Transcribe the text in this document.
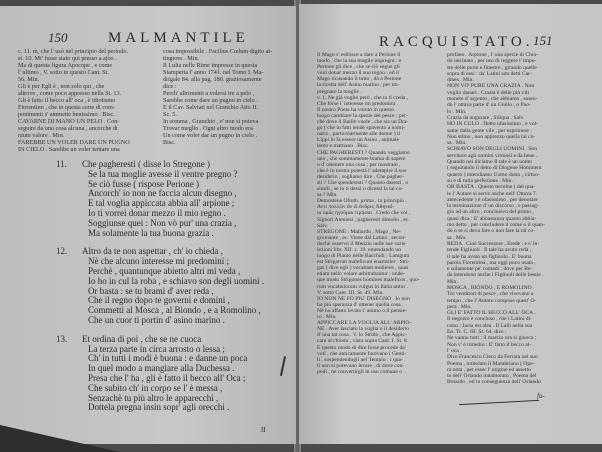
150	MALMANTILE
c. 11. m, che l' usò nel principio del periodo.
st. 10. Mi' fusse stato qui presso a ajòo .
Ma di questa figura Apocope , e come
l' ultimo , V. sotto in questo Cant. St.
56. Min.
Gli è per Egli è , non solo qui , che
altrove , come poco appresso nella St. 13.
Gli è fatto il becco all' oca , è idiotismo
Fiorentino , che in questa sorte di com-
ponimenti s' ammette benissimo . Bisc.
CAVARNE DI MANO UN PELO . Con-
seguire da uno cosa alcuna , ancorchè di
nium valore . Min.
FAREBBE UN VOLER DARE UN PUGNO
IN CIELO . Sarebbe un voler tentare una
cosa impossibile . Facilius Cœlum digito at-
tingeres . Min.
Il Lulia nelle Rime impresse in questa
Stamperia l' anno 1741. nel Tomo I. Ma-
drigale 84. alla pag. 180. graziosamente
dice :
Perch' altrimenti a volersi ire a pelo ,
Sarebbe come dare un pugno in cielo .
E il Cav. Salviati nel Granchio Atto II.
Sc. 5.
In somma , Granchio , e' non si poteva
Trovar meglio . Ogni altro modo era
Un come voler dar un pugno in cielo .
Bisc.
11. Che pagheresti ( disse lo Stregone )
Se la tua moglie avesse il ventre pregno ?
Se ciò fusse ( rispose Perione )
Ancorch' io non ne faccia alcun disegno ,
E tal voglia appiccata abbia all' arpione ;
Io ti vorrei donar mezzo il mio regno .
Soggiunse quei : Non vò pur' una crazia ,
Ma solamente la tua buona grazia .
12. Altro da te non aspettar , ch' io chieda ,
Nè che alcuno interesse mi predomini ;
Perchè , quantunque abietto altri mi veda ,
Io ho in cul la roba , e schiavo son degli uomini .
Or basta : se tu brami d' aver reda ,
Che il regno dopo te governi e domini ,
Commetti al Mosca , al Biondo , e a Romolino ,
Che un cuor ti portin d' asino marino .
13. Et ordina di poi , che se ne cuoca
La terza parte in circa arrosto o lessa ;
Ch' in tutti i modi è buona : e danne un poca
In quel modo a mangiare alla Duchessa .
Presa che l' ha , gli è fatto il becco all' Oca ;
Che subito ch' in corpo se l' è messa ,
Senzachè tu più altro le apparecchi ,
Dottela pregna insin sopr' agli orecchi .
II
RACQUISTATO. 151
Il Mago s' esibisce a dare a Perione il
modo , che la sua moglie impregni : e
Perione gli dice , che se ciò segue gli
vuol donar mezzo il suo regno : ed il
Mago ricusando il tutto , dà a Perione
la ricetta dell' Asino marino , per im-
pregnare la moglie .
v. 1. Ne già voglio però , che tu ti creda ,
Che forse l' interesse mi predomini .
Il nostro Poeta ha voluto in questo
luogo cambiare la spezie del pesce ; per-
chè dove il Baille vuole , che sia un Dra-
go ( che in fatti rende spavento a nomi-
nario , particolarmente alle donne ) il
Lippi lo fa essere un Asino , animale
lento e mattiano . Bisc.
CHE PAGHERESTI ? Quando veggiamo
uno , che sommamente brama di sapere
o d' ottenere una cosa ; per mostrare ,
che è in nostra potestà l' adempire il suo
desiderio , sogliamo dire . Che pagher-
sti ? Che spenderesti ? Quanto daresti , o
simili , se io ti dessi o dicessi la tal co-
sa ? Min.
Demostene Olinth. prima , in principio .
Αντί πολλῶν ἂν ὦ ἄνδρες Ἀθηναῖ-
οι ὑμᾶς ἡγοῦμαι τιμήσαι . Credo che voi ,
Signori Ateniesi , pagheresti dimolto , ec.
Salv.
STREGONE . Maliardo , Mago , Ne-
gromante , ec. Viene dal Latino , secon-
dochè osservò il Menzio nelle sue varie
lezioni libr. XII. c. 19. emendando un
luogo di Plauto nelle Bacchidi : Lamgum
est Strigarum maleficum enarrarier . Stri-
gas ( dice egli ) vocabant mulieres , quas
etiam nello volare arbitrabantur : unde-
que modo Strigones homines maleficos , quo-
rum vocabulorum vulgus in Italia utitur .
V. sotto Cant. III. St. 49. Min.
IO NON NE FO PIU' DISEGNO . Io non
ho più speranza d' ottener quella cosa .
Nè ho affatto levato l' animo o il pensie-
ro . Min.
APPICCARE LA VOGLIA ALL' ARPIO-
NE . Aver lasciato la voglia o il desiderio
d' una tal cosa . V. lo Strido , che Appic-
care al chiodo , visto sopra Cant. I. St. 8.
E questo modo di dire forse procede da'
voti , che anticamente facevano i Genti-
li , sospendendogli nel Tempio : i qua-
li non si potevano levare , di dove con-
podi , ne convertirgli in uso comune o
profano . Arpione , l' una specie di Chio-
do uncinato , per uso di reggere l' impo-
ste delle porte e finestre , girando quelle
sopra di essi : da' Latini son detti Car-
dines . Min.
NON VÒ' PURE UNA CRAZIA . Non
voglio danari . Crazia è delle più vili
monete d' argento , che abbiamo , essen-
do l' ottava parte d' un Giulio , o Pao-
lo . Min.
Crazia da augurare , Siliqua . Salv.
HO IN CULO . Detto ufasissimo , e vol-
same dalla gente vile , per esprimere :
Non stimo , non apprezzo quella tal co-
sa . Min.
SCHIAVO SON DEGLI UOMINI . Son
servitore agli uomini virtuosi e da bene .
Quando noi diciamo Il tale è un uomo
( seguitando il detto di Diogene Hominem
quaero ) intendiamo Uomo dotto , virtuo-
so e di tutta perfezione . Min.
OR BASTA . Questo termine ( del qua-
le l' Autore si serve anche nell' Ottava 7.
antecedente ) è ufasissimo , per denotare
la terminazione d' un discorso , e passag-
gio ad un altro , conclusivo del primo ,
quasi dica : E' abbastanza quanto abbia-
mo detto , per concludere il come o il quan-
do o se si deva fare o non fare la tal co-
sa . Min.
REDA . Cioè Successore , Erede : e s' in-
tende Figliuoli . Il tale ha avuto redà ,
il tale ha avuto un figliuolo . E' buona
parola Fiorentina , ma oggi poco usata ,
e solamente pe' contadi : dove per Re-
da intendono anche i Figliuoli delle bestie .
Min.
MOSCA , BIONDO , E ROMOLINO .
Tre venditori di pesce , che vivevano a
tempo , che l' Autore compose quest' O-
pera . Min.
GLI E' FATTO IL BECCO ALL' OCA .
Il negozio è concluso , che i Latini di-
cono : Jacta est alea . Il Lalli nella sua
En. Tr. C. III. St. 64. dice :
Ne vanno tutti : il marcio ora si giuoca ;
Non v' è rimedio : E' fatto il becco al-
l' oca .
Dice Francesco Cieco da Ferrara nel suo
Poema , intitolato il Mambriano ( Ope-
ra nota , per esser l' origine ed assetto
to dell' Orlando innamorato , Poema del
Boiardo , ed in conseguenza dell' Orlando
fu-
